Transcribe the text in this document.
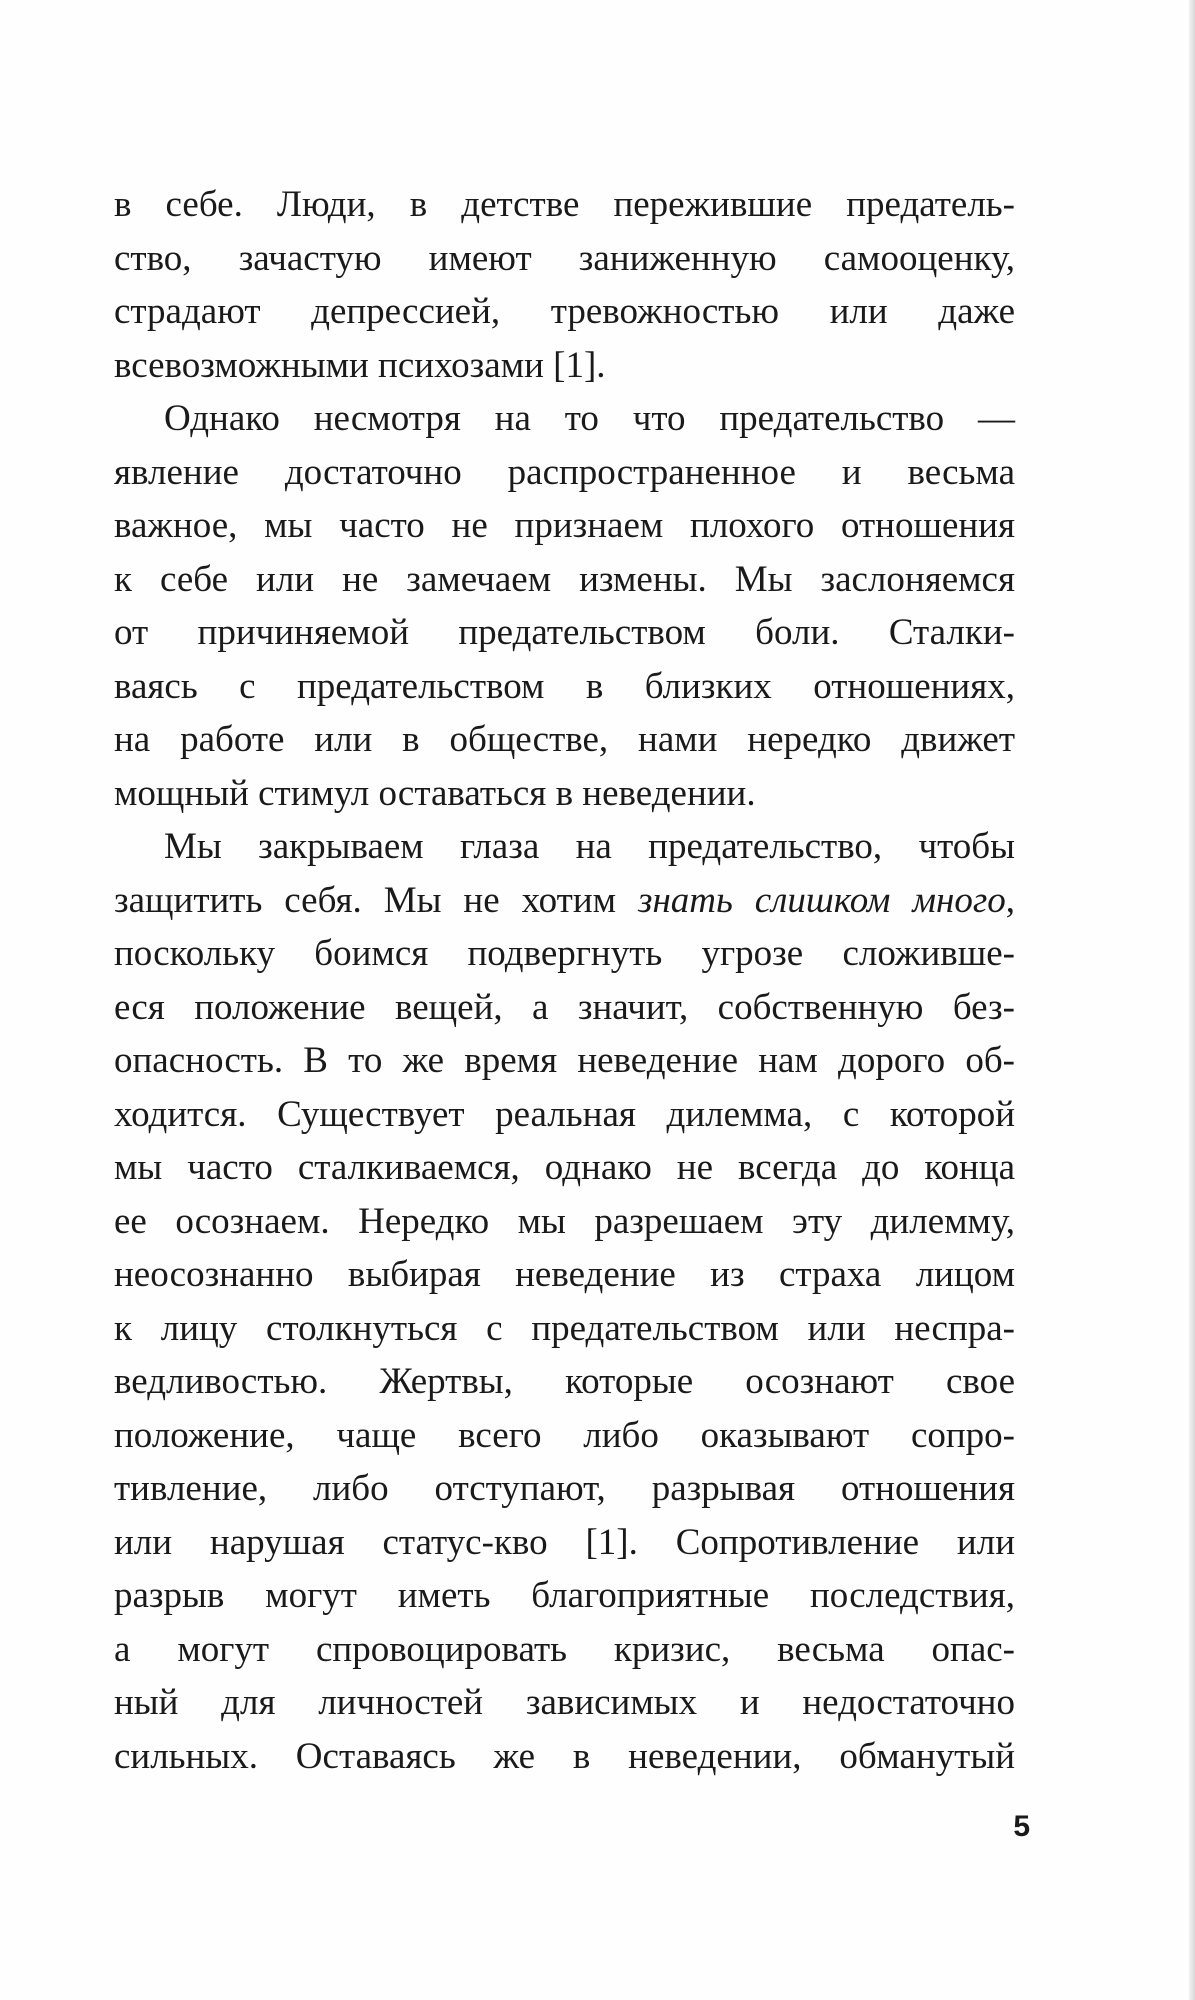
в себе. Люди, в детстве пережившие предатель-
ство, зачастую имеют заниженную самооценку,
страдают депрессией, тревожностью или даже
всевозможными психозами [1].
Однако несмотря на то что предательство —
явление достаточно распространенное и весьма
важное, мы часто не признаем плохого отношения
к себе или не замечаем измены. Мы заслоняемся
от причиняемой предательством боли. Сталки-
ваясь с предательством в близких отношениях,
на работе или в обществе, нами нередко движет
мощный стимул оставаться в неведении.
Мы закрываем глаза на предательство, чтобы
защитить себя. Мы не хотим знать слишком много,
поскольку боимся подвергнуть угрозе сложивше-
еся положение вещей, а значит, собственную без-
опасность. В то же время неведение нам дорого об-
ходится. Существует реальная дилемма, с которой
мы часто сталкиваемся, однако не всегда до конца
ее осознаем. Нередко мы разрешаем эту дилемму,
неосознанно выбирая неведение из страха лицом
к лицу столкнуться с предательством или неспра-
ведливостью. Жертвы, которые осознают свое
положение, чаще всего либо оказывают сопро-
тивление, либо отступают, разрывая отношения
или нарушая статус-кво [1]. Сопротивление или
разрыв могут иметь благоприятные последствия,
а могут спровоцировать кризис, весьма опас-
ный для личностей зависимых и недостаточно
сильных. Оставаясь же в неведении, обманутый
5
